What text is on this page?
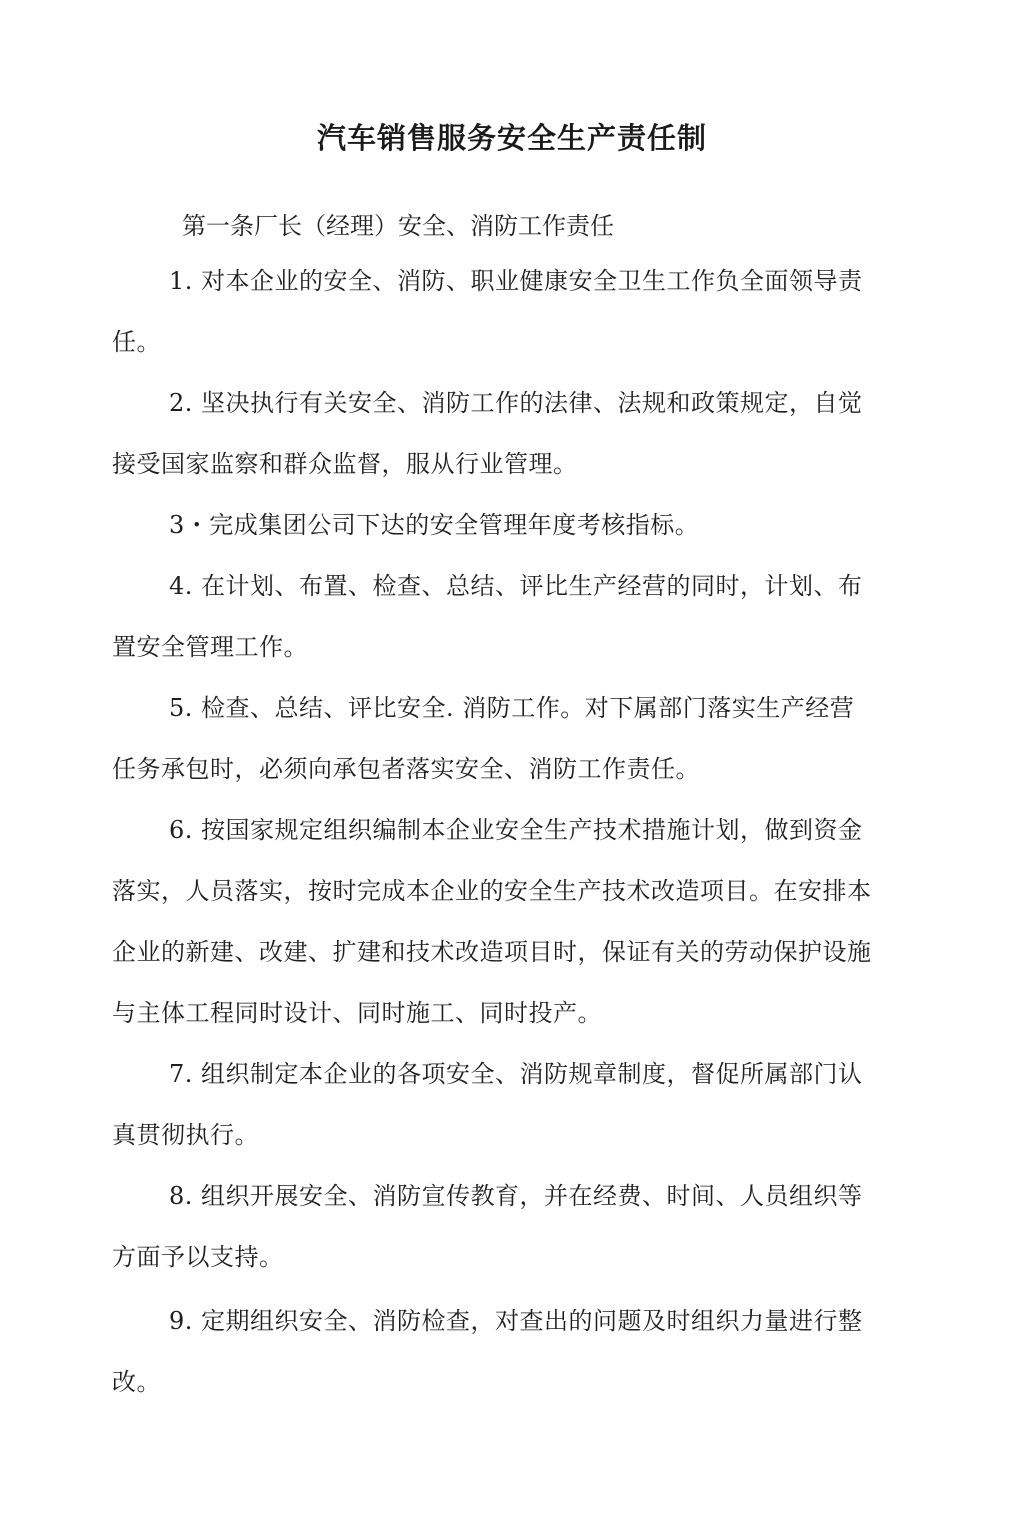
汽车销售服务安全生产责任制

第一条厂长（经理）安全、消防工作责任

1. 对本企业的安全、消防、职业健康安全卫生工作负全面领导责任。

2. 坚决执行有关安全、消防工作的法律、法规和政策规定，自觉接受国家监察和群众监督，服从行业管理。

3・完成集团公司下达的安全管理年度考核指标。

4. 在计划、布置、检查、总结、评比生产经营的同时，计划、布置安全管理工作。

5. 检查、总结、评比安全. 消防工作。对下属部门落实生产经营任务承包时，必须向承包者落实安全、消防工作责任。

6. 按国家规定组织编制本企业安全生产技术措施计划，做到资金落实，人员落实，按时完成本企业的安全生产技术改造项目。在安排本企业的新建、改建、扩建和技术改造项目时，保证有关的劳动保护设施与主体工程同时设计、同时施工、同时投产。

7. 组织制定本企业的各项安全、消防规章制度，督促所属部门认真贯彻执行。

8. 组织开展安全、消防宣传教育，并在经费、时间、人员组织等方面予以支持。

9. 定期组织安全、消防检查，对查出的问题及时组织力量进行整改。
